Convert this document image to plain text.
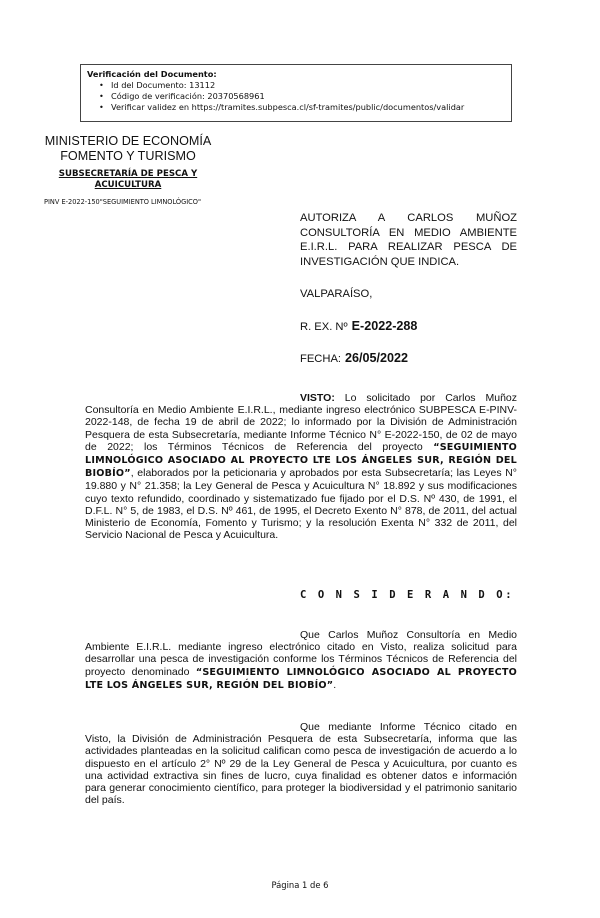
Verificación del Documento:
• Id del Documento: 13112
• Código de verificación: 20370568961
• Verificar validez en https://tramites.subpesca.cl/sf-tramites/public/documentos/validar
MINISTERIO DE ECONOMÍA
FOMENTO Y TURISMO
SUBSECRETARÍA DE PESCA Y ACUICULTURA
PINV E-2022-150"SEGUIMIENTO LIMNOLÓGICO"
AUTORIZA A CARLOS MUÑOZ CONSULTORÍA EN MEDIO AMBIENTE E.I.R.L. PARA REALIZAR PESCA DE INVESTIGACIÓN QUE INDICA.
VALPARAÍSO,
R. EX. Nº E-2022-288
FECHA: 26/05/2022
VISTO: Lo solicitado por Carlos Muñoz Consultoría en Medio Ambiente E.I.R.L., mediante ingreso electrónico SUBPESCA E-PINV-2022-148, de fecha 19 de abril de 2022; lo informado por la División de Administración Pesquera de esta Subsecretaría, mediante Informe Técnico N° E-2022-150, de 02 de mayo de 2022; los Términos Técnicos de Referencia del proyecto “SEGUIMIENTO LIMNOLÓGICO ASOCIADO AL PROYECTO LTE LOS ÁNGELES SUR, REGIÓN DEL BIOBÍO”, elaborados por la peticionaria y aprobados por esta Subsecretaría; las Leyes N° 19.880 y N° 21.358; la Ley General de Pesca y Acuicultura N° 18.892 y sus modificaciones cuyo texto refundido, coordinado y sistematizado fue fijado por el D.S. Nº 430, de 1991, el D.F.L. N° 5, de 1983, el D.S. Nº 461, de 1995, el Decreto Exento N° 878, de 2011, del actual Ministerio de Economía, Fomento y Turismo; y la resolución Exenta N° 332 de 2011, del Servicio Nacional de Pesca y Acuicultura.
C O N S I D E R A N D O:
Que Carlos Muñoz Consultoría en Medio Ambiente E.I.R.L. mediante ingreso electrónico citado en Visto, realiza solicitud para desarrollar una pesca de investigación conforme los Términos Técnicos de Referencia del proyecto denominado “SEGUIMIENTO LIMNOLÓGICO ASOCIADO AL PROYECTO LTE LOS ÁNGELES SUR, REGIÓN DEL BIOBÍO”.
Que mediante Informe Técnico citado en Visto, la División de Administración Pesquera de esta Subsecretaría, informa que las actividades planteadas en la solicitud califican como pesca de investigación de acuerdo a lo dispuesto en el artículo 2° Nº 29 de la Ley General de Pesca y Acuicultura, por cuanto es una actividad extractiva sin fines de lucro, cuya finalidad es obtener datos e información para generar conocimiento científico, para proteger la biodiversidad y el patrimonio sanitario del país.
Página 1 de 6
